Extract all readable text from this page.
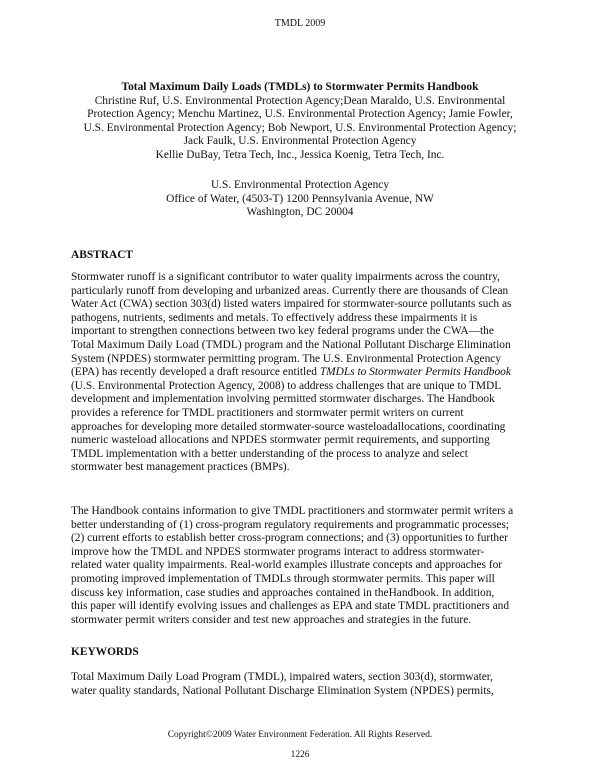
TMDL 2009
Total Maximum Daily Loads (TMDLs) to Stormwater Permits Handbook
Christine Ruf, U.S. Environmental Protection Agency;Dean Maraldo, U.S. Environmental
Protection Agency; Menchu Martinez, U.S. Environmental Protection Agency; Jamie Fowler,
U.S. Environmental Protection Agency; Bob Newport, U.S. Environmental Protection Agency;
Jack Faulk, U.S. Environmental Protection Agency
Kellie DuBay, Tetra Tech, Inc., Jessica Koenig, Tetra Tech, Inc.
U.S. Environmental Protection Agency
Office of Water, (4503-T) 1200 Pennsylvania Avenue, NW
Washington, DC 20004
ABSTRACT
Stormwater runoff is a significant contributor to water quality impairments across the country,
particularly runoff from developing and urbanized areas. Currently there are thousands of Clean
Water Act (CWA) section 303(d) listed waters impaired for stormwater-source pollutants such as
pathogens, nutrients, sediments and metals. To effectively address these impairments it is
important to strengthen connections between two key federal programs under the CWA—the
Total Maximum Daily Load (TMDL) program and the National Pollutant Discharge Elimination
System (NPDES) stormwater permitting program. The U.S. Environmental Protection Agency
(EPA) has recently developed a draft resource entitled TMDLs to Stormwater Permits Handbook
(U.S. Environmental Protection Agency, 2008) to address challenges that are unique to TMDL
development and implementation involving permitted stormwater discharges. The Handbook
provides a reference for TMDL practitioners and stormwater permit writers on current
approaches for developing more detailed stormwater-source wasteloadallocations, coordinating
numeric wasteload allocations and NPDES stormwater permit requirements, and supporting
TMDL implementation with a better understanding of the process to analyze and select
stormwater best management practices (BMPs).
The Handbook contains information to give TMDL practitioners and stormwater permit writers a
better understanding of (1) cross-program regulatory requirements and programmatic processes;
(2) current efforts to establish better cross-program connections; and (3) opportunities to further
improve how the TMDL and NPDES stormwater programs interact to address stormwater-
related water quality impairments. Real-world examples illustrate concepts and approaches for
promoting improved implementation of TMDLs through stormwater permits. This paper will
discuss key information, case studies and approaches contained in theHandbook. In addition,
this paper will identify evolving issues and challenges as EPA and state TMDL practitioners and
stormwater permit writers consider and test new approaches and strategies in the future.
KEYWORDS
Total Maximum Daily Load Program (TMDL), impaired waters, section 303(d), stormwater,
water quality standards, National Pollutant Discharge Elimination System (NPDES) permits,
Copyright©2009 Water Environment Federation. All Rights Reserved.
1226
